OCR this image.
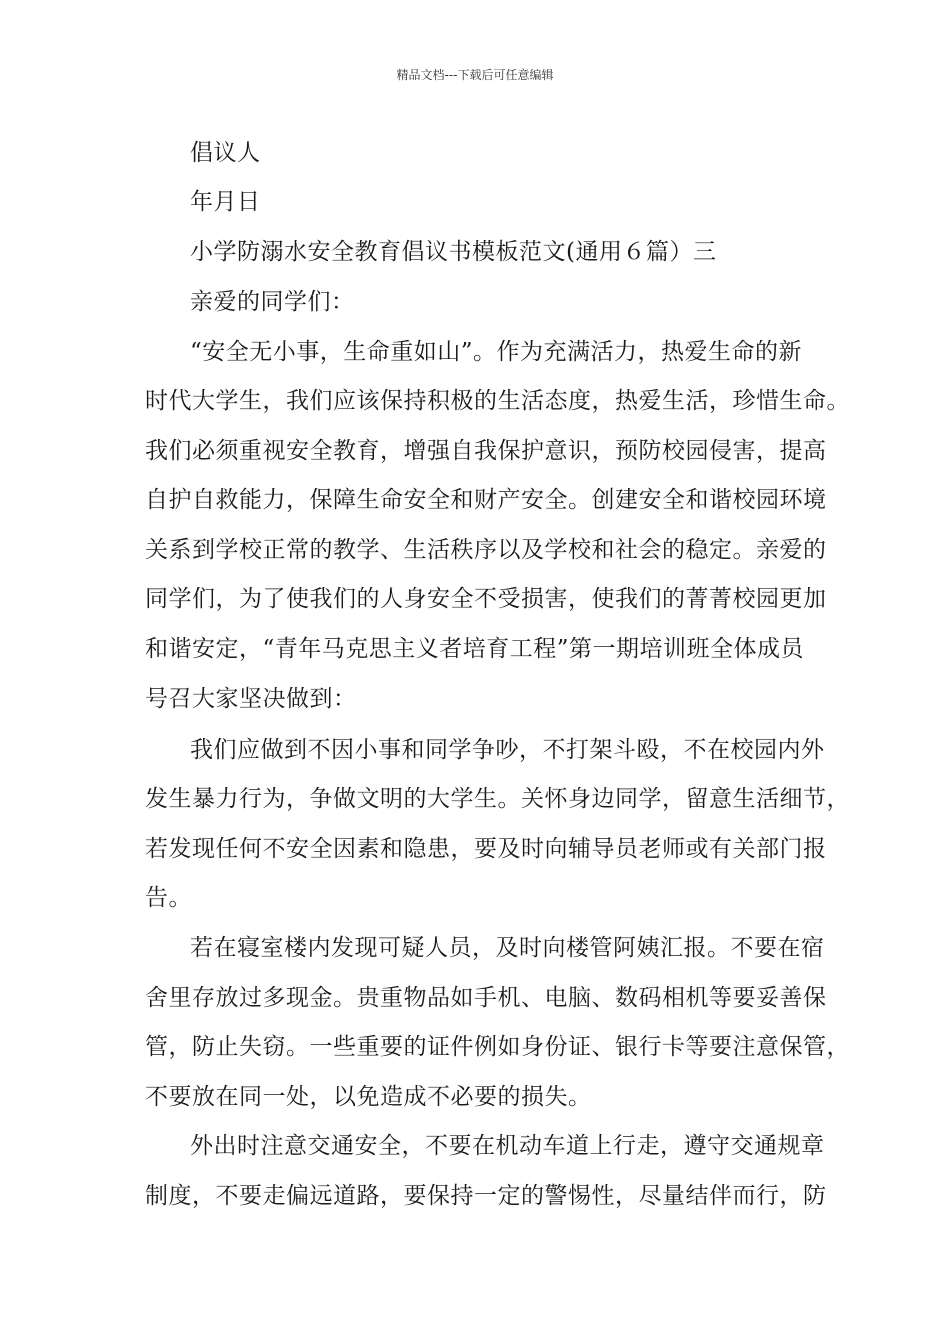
精品文档---下载后可任意编辑
倡议人
年月日
小学防溺水安全教育倡议书模板范文(通用６篇）三
亲爱的同学们：
“安全无小事，生命重如山”。作为充满活力，热爱生命的新
时代大学生，我们应该保持积极的生活态度，热爱生活，珍惜生命。
我们必须重视安全教育，增强自我保护意识，预防校园侵害，提高
自护自救能力，保障生命安全和财产安全。创建安全和谐校园环境
关系到学校正常的教学、生活秩序以及学校和社会的稳定。亲爱的
同学们，为了使我们的人身安全不受损害，使我们的菁菁校园更加
和谐安定，“青年马克思主义者培育工程”第一期培训班全体成员
号召大家坚决做到：
我们应做到不因小事和同学争吵，不打架斗殴，不在校园内外
发生暴力行为，争做文明的大学生。关怀身边同学，留意生活细节，
若发现任何不安全因素和隐患，要及时向辅导员老师或有关部门报
告。
若在寝室楼内发现可疑人员，及时向楼管阿姨汇报。不要在宿
舍里存放过多现金。贵重物品如手机、电脑、数码相机等要妥善保
管，防止失窃。一些重要的证件例如身份证、银行卡等要注意保管，
不要放在同一处，以免造成不必要的损失。
外出时注意交通安全，不要在机动车道上行走，遵守交通规章
制度，不要走偏远道路，要保持一定的警惕性，尽量结伴而行，防
